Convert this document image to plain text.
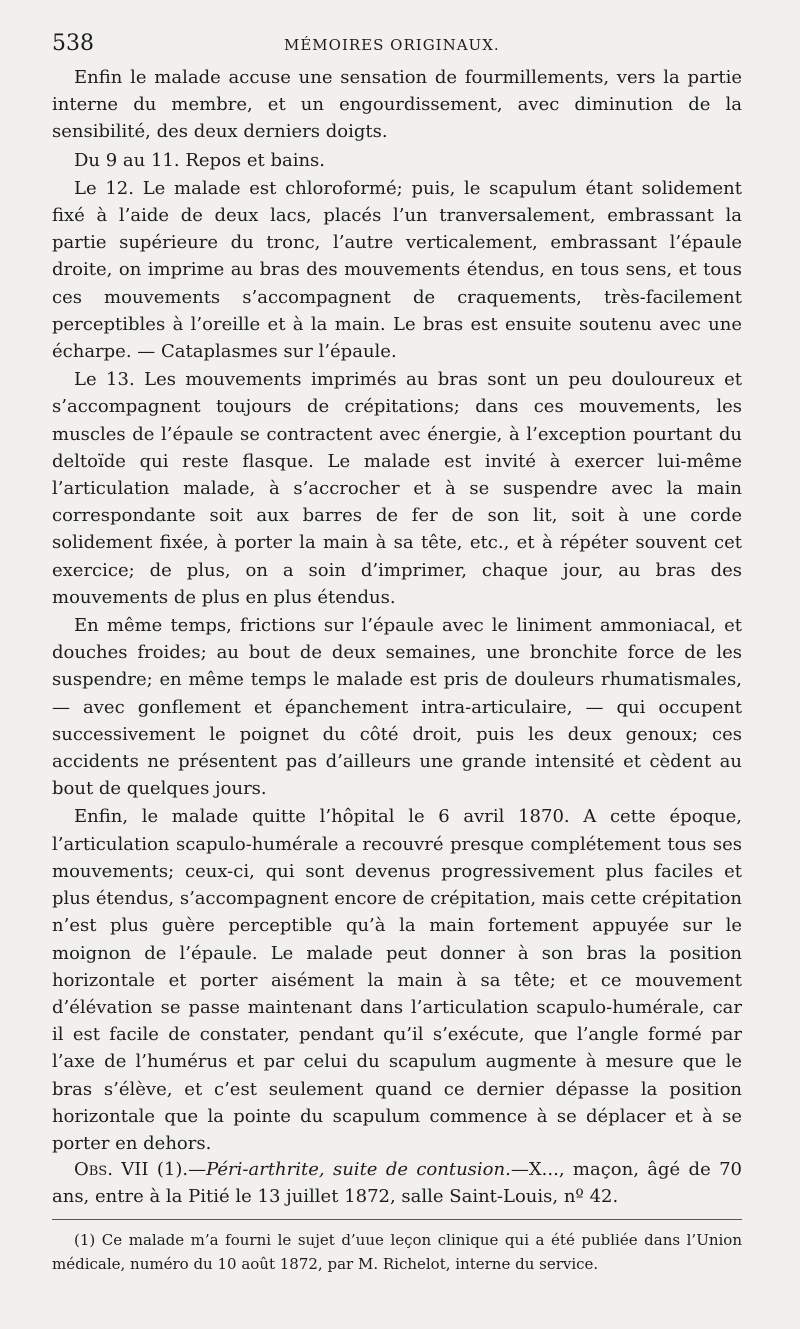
538	MÉMOIRES ORIGINAUX.

Enfin le malade accuse une sensation de fourmillements, vers la partie interne du membre, et un engourdissement, avec diminution de la sensibilité, des deux derniers doigts.

Du 9 au 11. Repos et bains.

Le 12. Le malade est chloroformé; puis, le scapulum étant solidement fixé à l’aide de deux lacs, placés l’un tranversalement, embrassant la partie supérieure du tronc, l’autre verticalement, embrassant l’épaule droite, on imprime au bras des mouvements étendus, en tous sens, et tous ces mouvements s’accompagnent de craquements, très-facilement perceptibles à l’oreille et à la main. Le bras est ensuite soutenu avec une écharpe. — Cataplasmes sur l’épaule.

Le 13. Les mouvements imprimés au bras sont un peu douloureux et s’accompagnent toujours de crépitations; dans ces mouvements, les muscles de l’épaule se contractent avec énergie, à l’exception pourtant du deltoïde qui reste flasque. Le malade est invité à exercer lui-même l’articulation malade, à s’accrocher et à se suspendre avec la main correspondante soit aux barres de fer de son lit, soit à une corde solidement fixée, à porter la main à sa tête, etc., et à répéter souvent cet exercice; de plus, on a soin d’imprimer, chaque jour, au bras des mouvements de plus en plus étendus.

En même temps, frictions sur l’épaule avec le liniment ammoniacal, et douches froides; au bout de deux semaines, une bronchite force de les suspendre; en même temps le malade est pris de douleurs rhumatismales, — avec gonflement et épanchement intra-articulaire, — qui occupent successivement le poignet du côté droit, puis les deux genoux; ces accidents ne présentent pas d’ailleurs une grande intensité et cèdent au bout de quelques jours.

Enfin, le malade quitte l’hôpital le 6 avril 1870. A cette époque, l’articulation scapulo-humérale a recouvré presque complétement tous ses mouvements; ceux-ci, qui sont devenus progressivement plus faciles et plus étendus, s’accompagnent encore de crépitation, mais cette crépitation n’est plus guère perceptible qu’à la main fortement appuyée sur le moignon de l’épaule. Le malade peut donner à son bras la position horizontale et porter aisément la main à sa tête; et ce mouvement d’élévation se passe maintenant dans l’articulation scapulo-humérale, car il est facile de constater, pendant qu’il s’exécute, que l’angle formé par l’axe de l’humérus et par celui du scapulum augmente à mesure que le bras s’élève, et c’est seulement quand ce dernier dépasse la position horizontale que la pointe du scapulum commence à se déplacer et à se porter en dehors.

Obs. VII (1).—Péri-arthrite, suite de contusion.—X..., maçon, âgé de 70 ans, entre à la Pitié le 13 juillet 1872, salle Saint-Louis, nº 42.

(1) Ce malade m’a fourni le sujet d’uue leçon clinique qui a été publiée dans l’Union médicale, numéro du 10 août 1872, par M. Richelot, interne du service.
